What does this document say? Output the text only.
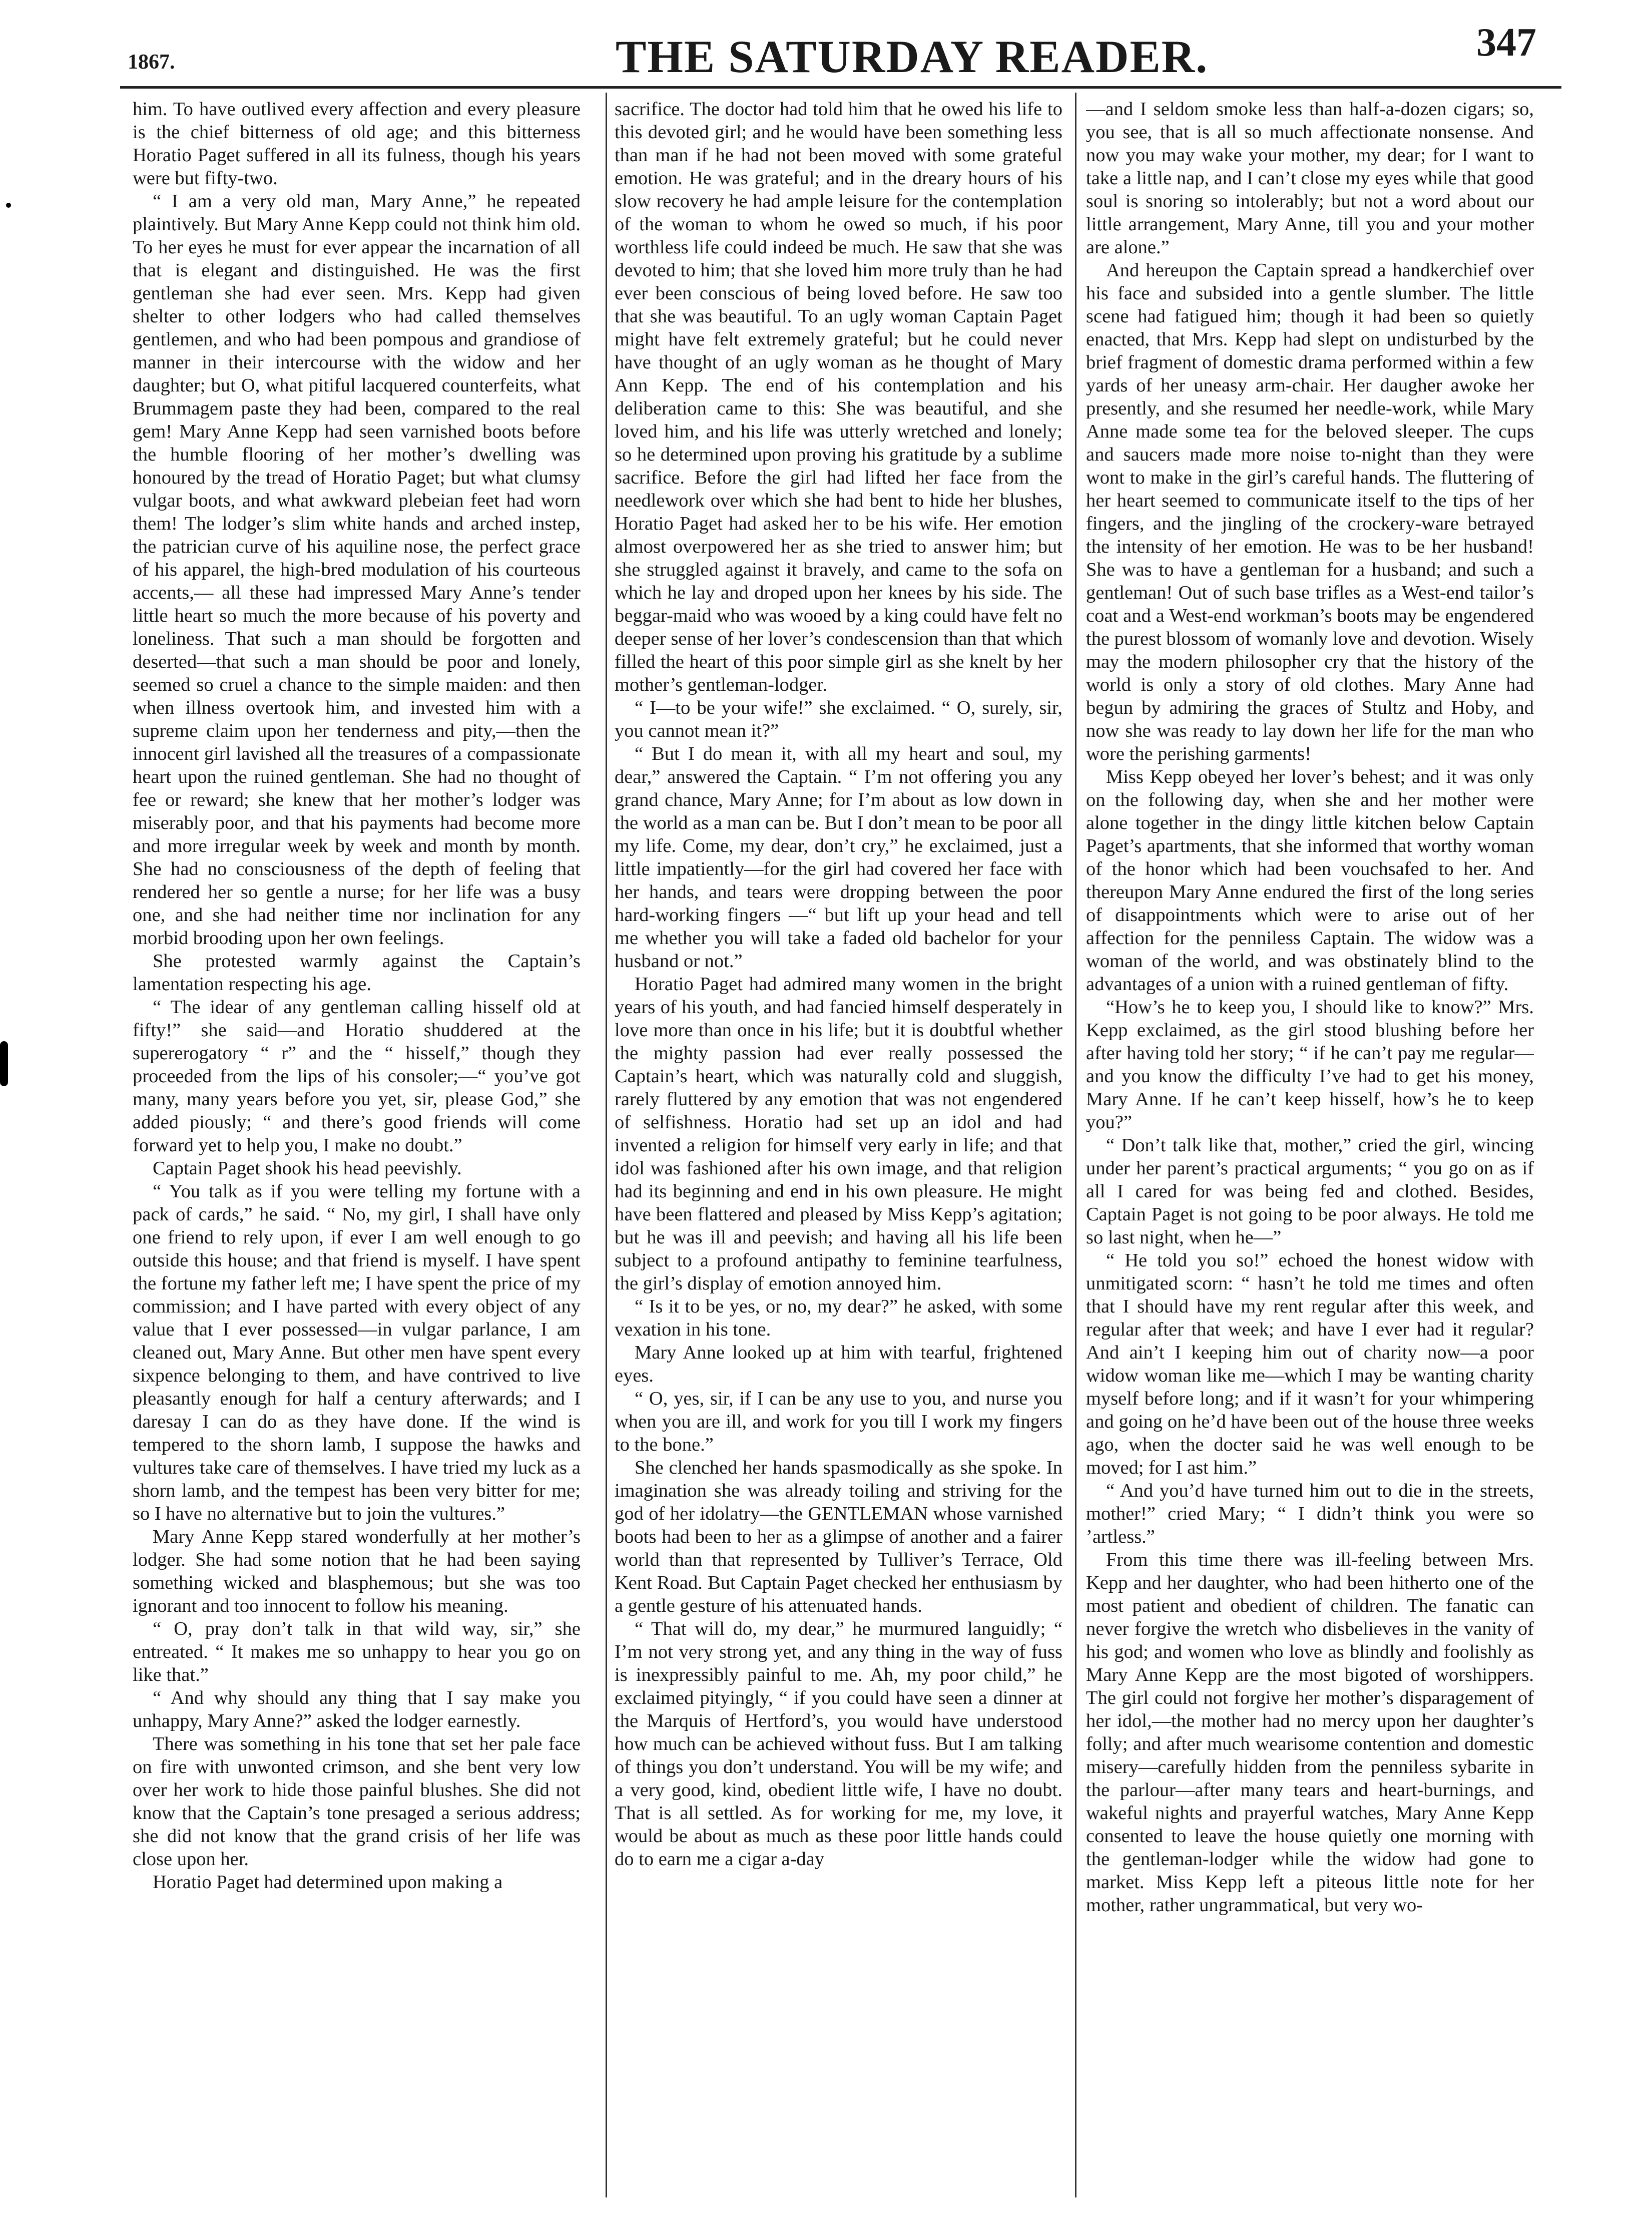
1867.	THE SATURDAY READER.	347

him. To have outlived every affection and every pleasure is the chief bitterness of old age; and this bitterness Horatio Paget suffered in all its fulness, though his years were but fifty-two.

“ I am a very old man, Mary Anne,” he repeated plaintively. But Mary Anne Kepp could not think him old. To her eyes he must for ever appear the incarnation of all that is elegant and distinguished. He was the first gentleman she had ever seen. Mrs. Kepp had given shelter to other lodgers who had called themselves gentlemen, and who had been pompous and grandiose of manner in their intercourse with the widow and her daughter; but O, what pitiful lacquered counterfeits, what Brummagem paste they had been, compared to the real gem! Mary Anne Kepp had seen varnished boots before the humble flooring of her mother’s dwelling was honoured by the tread of Horatio Paget; but what clumsy vulgar boots, and what awkward plebeian feet had worn them! The lodger’s slim white hands and arched instep, the patrician curve of his aquiline nose, the perfect grace of his apparel, the high-bred modulation of his courteous accents,— all these had impressed Mary Anne’s tender little heart so much the more because of his poverty and loneliness. That such a man should be forgotten and deserted—that such a man should be poor and lonely, seemed so cruel a chance to the simple maiden: and then when illness overtook him, and invested him with a supreme claim upon her tenderness and pity,—then the innocent girl lavished all the treasures of a compassionate heart upon the ruined gentleman. She had no thought of fee or reward; she knew that her mother’s lodger was miserably poor, and that his payments had become more and more irregular week by week and month by month. She had no consciousness of the depth of feeling that rendered her so gentle a nurse; for her life was a busy one, and she had neither time nor inclination for any morbid brooding upon her own feelings.

She protested warmly against the Captain’s lamentation respecting his age.

“ The idear of any gentleman calling hisself old at fifty!” she said—and Horatio shuddered at the supererogatory “ r” and the “ hisself,” though they proceeded from the lips of his consoler;—“ you’ve got many, many years before you yet, sir, please God,” she added piously; “ and there’s good friends will come forward yet to help you, I make no doubt.”

Captain Paget shook his head peevishly.

“ You talk as if you were telling my fortune with a pack of cards,” he said. “ No, my girl, I shall have only one friend to rely upon, if ever I am well enough to go outside this house; and that friend is myself. I have spent the fortune my father left me; I have spent the price of my commission; and I have parted with every object of any value that I ever possessed—in vulgar parlance, I am cleaned out, Mary Anne. But other men have spent every sixpence belonging to them, and have contrived to live pleasantly enough for half a century afterwards; and I daresay I can do as they have done. If the wind is tempered to the shorn lamb, I suppose the hawks and vultures take care of themselves. I have tried my luck as a shorn lamb, and the tempest has been very bitter for me; so I have no alternative but to join the vultures.”

Mary Anne Kepp stared wonderfully at her mother’s lodger. She had some notion that he had been saying something wicked and blasphemous; but she was too ignorant and too innocent to follow his meaning.

“ O, pray don’t talk in that wild way, sir,” she entreated. “ It makes me so unhappy to hear you go on like that.”

“ And why should any thing that I say make you unhappy, Mary Anne?” asked the lodger earnestly.

There was something in his tone that set her pale face on fire with unwonted crimson, and she bent very low over her work to hide those painful blushes. She did not know that the Captain’s tone presaged a serious address; she did not know that the grand crisis of her life was close upon her.

Horatio Paget had determined upon making a

sacrifice. The doctor had told him that he owed his life to this devoted girl; and he would have been something less than man if he had not been moved with some grateful emotion. He was grateful; and in the dreary hours of his slow recovery he had ample leisure for the contemplation of the woman to whom he owed so much, if his poor worthless life could indeed be much. He saw that she was devoted to him; that she loved him more truly than he had ever been conscious of being loved before. He saw too that she was beautiful. To an ugly woman Captain Paget might have felt extremely grateful; but he could never have thought of an ugly woman as he thought of Mary Ann Kepp. The end of his contemplation and his deliberation came to this: She was beautiful, and she loved him, and his life was utterly wretched and lonely; so he determined upon proving his gratitude by a sublime sacrifice. Before the girl had lifted her face from the needlework over which she had bent to hide her blushes, Horatio Paget had asked her to be his wife. Her emotion almost overpowered her as she tried to answer him; but she struggled against it bravely, and came to the sofa on which he lay and droped upon her knees by his side. The beggar-maid who was wooed by a king could have felt no deeper sense of her lover’s condescension than that which filled the heart of this poor simple girl as she knelt by her mother’s gentleman-lodger.

“ I—to be your wife!” she exclaimed. “ O, surely, sir, you cannot mean it?”

“ But I do mean it, with all my heart and soul, my dear,” answered the Captain. “ I’m not offering you any grand chance, Mary Anne; for I’m about as low down in the world as a man can be. But I don’t mean to be poor all my life. Come, my dear, don’t cry,” he exclaimed, just a little impatiently—for the girl had covered her face with her hands, and tears were dropping between the poor hard-working fingers —“ but lift up your head and tell me whether you will take a faded old bachelor for your husband or not.”

Horatio Paget had admired many women in the bright years of his youth, and had fancied himself desperately in love more than once in his life; but it is doubtful whether the mighty passion had ever really possessed the Captain’s heart, which was naturally cold and sluggish, rarely fluttered by any emotion that was not engendered of selfishness. Horatio had set up an idol and had invented a religion for himself very early in life; and that idol was fashioned after his own image, and that religion had its beginning and end in his own pleasure. He might have been flattered and pleased by Miss Kepp’s agitation; but he was ill and peevish; and having all his life been subject to a profound antipathy to feminine tearfulness, the girl’s display of emotion annoyed him.

“ Is it to be yes, or no, my dear?” he asked, with some vexation in his tone.

Mary Anne looked up at him with tearful, frightened eyes.

“ O, yes, sir, if I can be any use to you, and nurse you when you are ill, and work for you till I work my fingers to the bone.”

She clenched her hands spasmodically as she spoke. In imagination she was already toiling and striving for the god of her idolatry—the GENTLEMAN whose varnished boots had been to her as a glimpse of another and a fairer world than that represented by Tulliver’s Terrace, Old Kent Road. But Captain Paget checked her enthusiasm by a gentle gesture of his attenuated hands.

“ That will do, my dear,” he murmured languidly; “ I’m not very strong yet, and any thing in the way of fuss is inexpressibly painful to me. Ah, my poor child,” he exclaimed pityingly, “ if you could have seen a dinner at the Marquis of Hertford’s, you would have understood how much can be achieved without fuss. But I am talking of things you don’t understand. You will be my wife; and a very good, kind, obedient little wife, I have no doubt. That is all settled. As for working for me, my love, it would be about as much as these poor little hands could do to earn me a cigar a-day

—and I seldom smoke less than half-a-dozen cigars; so, you see, that is all so much affectionate nonsense. And now you may wake your mother, my dear; for I want to take a little nap, and I can’t close my eyes while that good soul is snoring so intolerably; but not a word about our little arrangement, Mary Anne, till you and your mother are alone.”

And hereupon the Captain spread a handkerchief over his face and subsided into a gentle slumber. The little scene had fatigued him; though it had been so quietly enacted, that Mrs. Kepp had slept on undisturbed by the brief fragment of domestic drama performed within a few yards of her uneasy arm-chair. Her daugher awoke her presently, and she resumed her needle-work, while Mary Anne made some tea for the beloved sleeper. The cups and saucers made more noise to-night than they were wont to make in the girl’s careful hands. The fluttering of her heart seemed to communicate itself to the tips of her fingers, and the jingling of the crockery-ware betrayed the intensity of her emotion. He was to be her husband! She was to have a gentleman for a husband; and such a gentleman! Out of such base trifles as a West-end tailor’s coat and a West-end workman’s boots may be engendered the purest blossom of womanly love and devotion. Wisely may the modern philosopher cry that the history of the world is only a story of old clothes. Mary Anne had begun by admiring the graces of Stultz and Hoby, and now she was ready to lay down her life for the man who wore the perishing garments!

Miss Kepp obeyed her lover’s behest; and it was only on the following day, when she and her mother were alone together in the dingy little kitchen below Captain Paget’s apartments, that she informed that worthy woman of the honor which had been vouchsafed to her. And thereupon Mary Anne endured the first of the long series of disappointments which were to arise out of her affection for the penniless Captain. The widow was a woman of the world, and was obstinately blind to the advantages of a union with a ruined gentleman of fifty.

“How’s he to keep you, I should like to know?” Mrs. Kepp exclaimed, as the girl stood blushing before her after having told her story; “ if he can’t pay me regular—and you know the difficulty I’ve had to get his money, Mary Anne. If he can’t keep hisself, how’s he to keep you?”

“ Don’t talk like that, mother,” cried the girl, wincing under her parent’s practical arguments; “ you go on as if all I cared for was being fed and clothed. Besides, Captain Paget is not going to be poor always. He told me so last night, when he—”

“ He told you so!” echoed the honest widow with unmitigated scorn: “ hasn’t he told me times and often that I should have my rent regular after this week, and regular after that week; and have I ever had it regular? And ain’t I keeping him out of charity now—a poor widow woman like me—which I may be wanting charity myself before long; and if it wasn’t for your whimpering and going on he’d have been out of the house three weeks ago, when the docter said he was well enough to be moved; for I ast him.”

“ And you’d have turned him out to die in the streets, mother!” cried Mary; “ I didn’t think you were so ’artless.”

From this time there was ill-feeling between Mrs. Kepp and her daughter, who had been hitherto one of the most patient and obedient of children. The fanatic can never forgive the wretch who disbelieves in the vanity of his god; and women who love as blindly and foolishly as Mary Anne Kepp are the most bigoted of worshippers. The girl could not forgive her mother’s disparagement of her idol,—the mother had no mercy upon her daughter’s folly; and after much wearisome contention and domestic misery—carefully hidden from the penniless sybarite in the parlour—after many tears and heart-burnings, and wakeful nights and prayerful watches, Mary Anne Kepp consented to leave the house quietly one morning with the gentleman-lodger while the widow had gone to market. Miss Kepp left a piteous little note for her mother, rather ungrammatical, but very wo-
